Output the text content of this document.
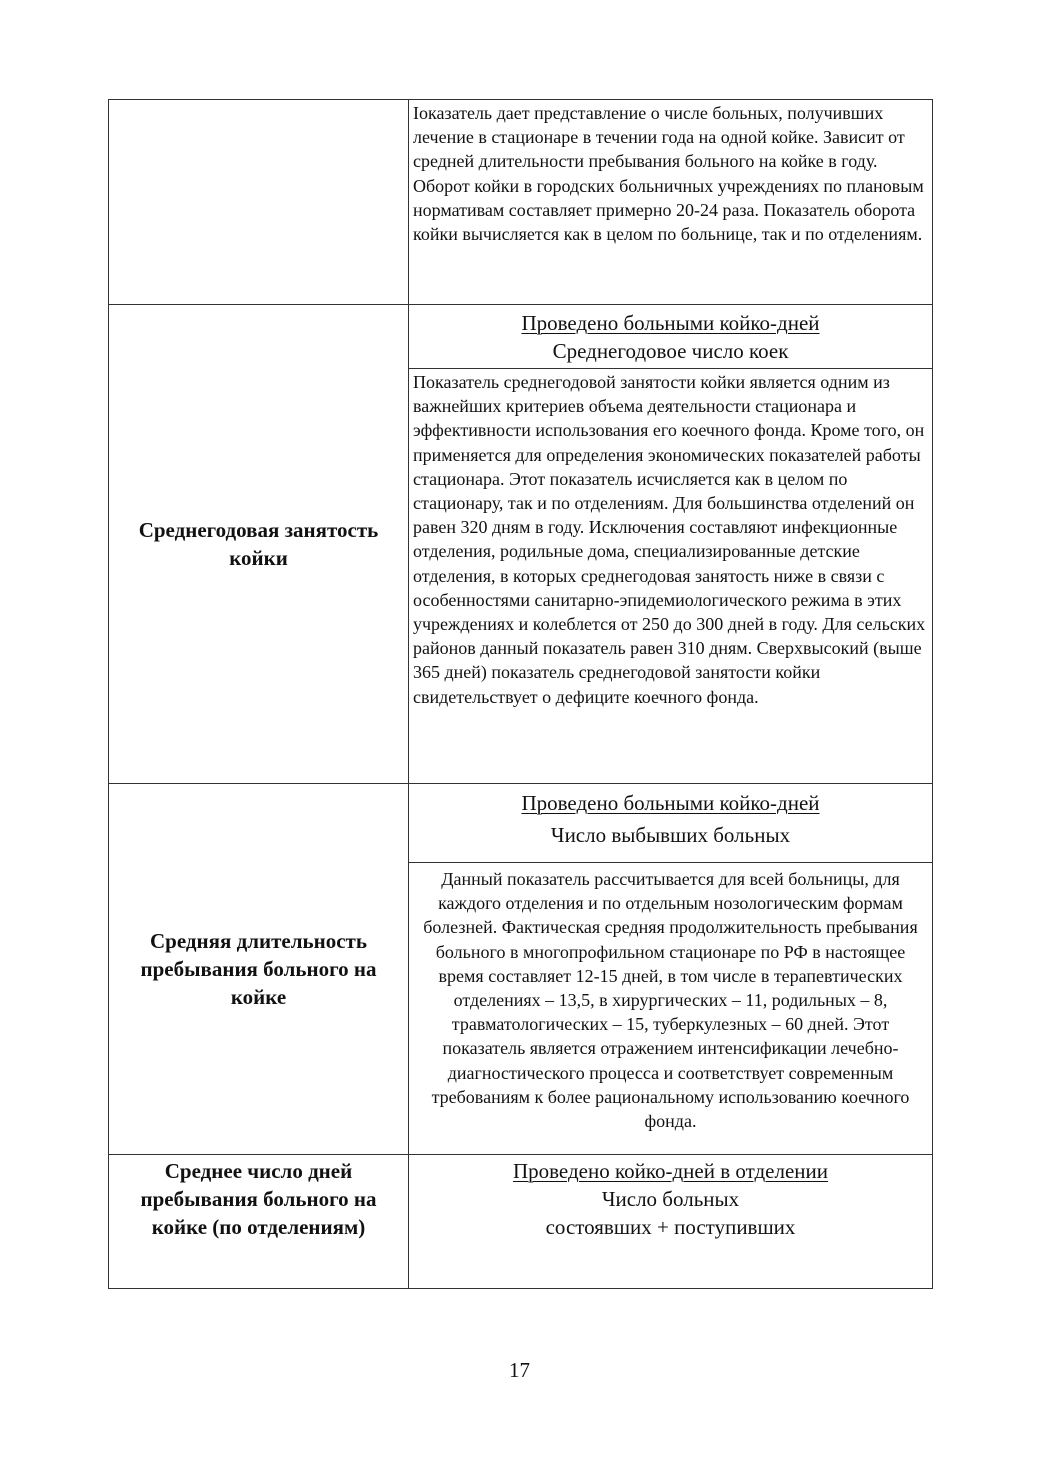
Іоказатель дает представление о числе больных, получивших лечение в стационаре в течении года на одной койке. Зависит от средней длительности пребывания больного на койке в году. Оборот койки в городских больничных учреждениях по плановым нормативам составляет примерно 20-24 раза. Показатель оборота койки вычисляется как в целом по больнице, так и по отделениям.
Среднегодовая занятость койки
Проведено больными койко-дней
Среднегодовое число коек
Показатель среднегодовой занятости койки является одним из важнейших критериев объема деятельности стационара и эффективности использования его коечного фонда. Кроме того, он применяется для определения экономических показателей работы стационара. Этот показатель исчисляется как в целом по стационару, так и по отделениям. Для большинства отделений он равен 320 дням в году. Исключения составляют инфекционные отделения, родильные дома, специализированные детские отделения, в которых среднегодовая занятость ниже в связи с особенностями санитарно-эпидемиологического режима в этих учреждениях и колеблется от 250 до 300 дней в году. Для сельских районов данный показатель равен 310 дням. Сверхвысокий (выше 365 дней) показатель среднегодовой занятости койки свидетельствует о дефиците коечного фонда.
Средняя длительность пребывания больного на койке
Проведено больными койко-дней
Число выбывших больных
Данный показатель рассчитывается для всей больницы, для каждого отделения и по отдельным нозологическим формам болезней. Фактическая средняя продолжительность пребывания больного в многопрофильном стационаре по РФ в настоящее время составляет 12-15 дней, в том числе в терапевтических отделениях – 13,5, в хирургических – 11, родильных – 8, травматологических – 15, туберкулезных – 60 дней. Этот показатель является отражением интенсификации лечебно-диагностического процесса и соответствует современным требованиям к более рациональному использованию коечного фонда.
Среднее число дней пребывания больного на койке (по отделениям)
Проведено койко-дней в отделении
Число больных
состоявших + поступивших
17
